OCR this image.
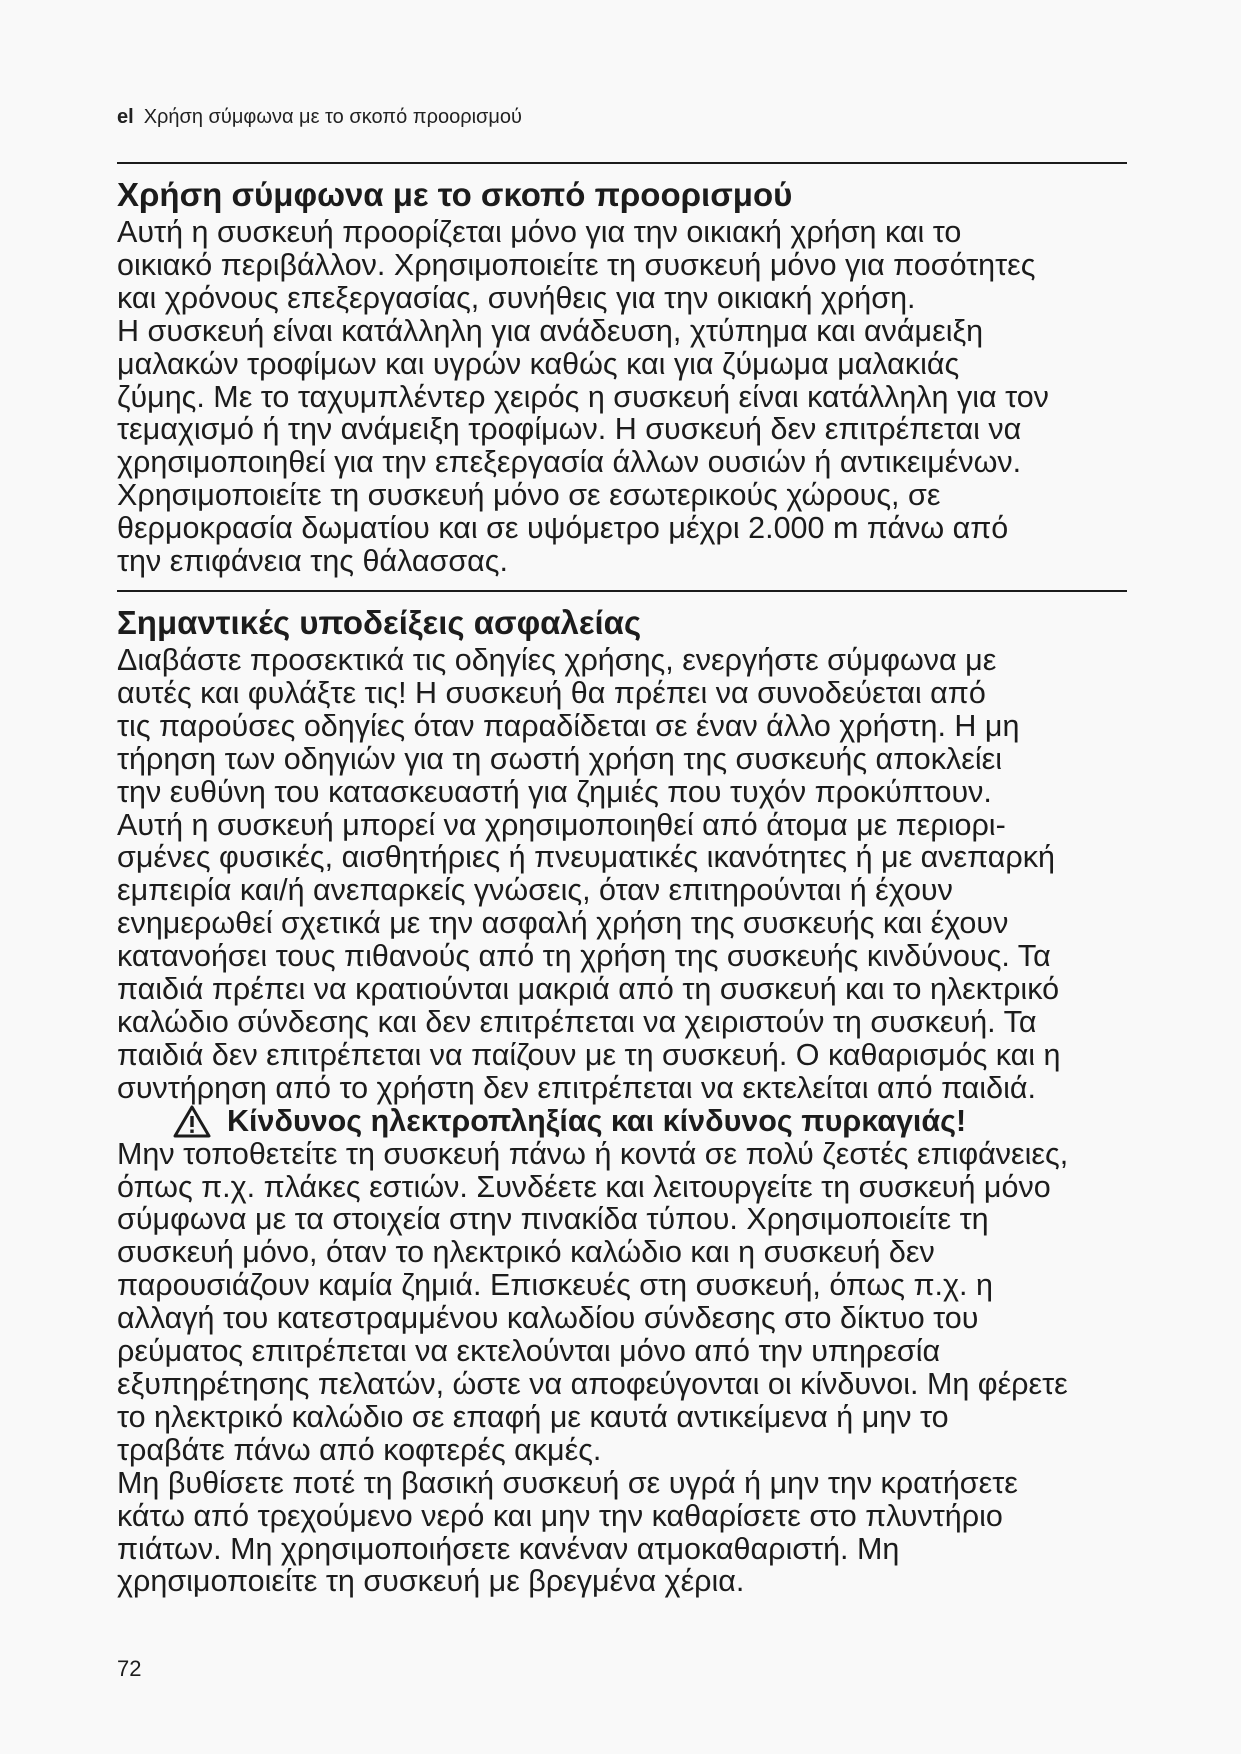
el Χρήση σύμφωνα με το σκοπό προορισμού
Χρήση σύμφωνα με το σκοπό προορισμού

Αυτή η συσκευή προορίζεται μόνο για την οικιακή χρήση και το

οικιακό περιβάλλον. Χρησιμοποιείτε τη συσκευή μόνο για ποσότητες

και χρόνους επεξεργασίας, συνήθεις για την οικιακή χρήση.

Η συσκευή είναι κατάλληλη για ανάδευση, χτύπημα και ανάμειξη

μαλακών τροφίμων και υγρών καθώς και για ζύμωμα μαλακιάς

ζύμης. Με το ταχυμπλέντερ χειρός η συσκευή είναι κατάλληλη για τον

τεμαχισμό ή την ανάμειξη τροφίμων. Η συσκευή δεν επιτρέπεται να

χρησιμοποιηθεί για την επεξεργασία άλλων ουσιών ή αντικειμένων.

Χρησιμοποιείτε τη συσκευή μόνο σε εσωτερικούς χώρους, σε

θερμοκρασία δωματίου και σε υψόμετρο μέχρι 2.000 m πάνω από

την επιφάνεια της θάλασσας.

Σημαντικές υποδείξεις ασφαλείας

Διαβάστε προσεκτικά τις οδηγίες χρήσης, ενεργήστε σύμφωνα με

αυτές και φυλάξτε τις! Η συσκευή θα πρέπει να συνοδεύεται από

τις παρούσες οδηγίες όταν παραδίδεται σε έναν άλλο χρήστη. Η μη

τήρηση των οδηγιών για τη σωστή χρήση της συσκευής αποκλείει

την ευθύνη του κατασκευαστή για ζημιές που τυχόν προκύπτουν.

Αυτή η συσκευή μπορεί να χρησιμοποιηθεί από άτομα με περιορι-

σμένες φυσικές, αισθητήριες ή πνευματικές ικανότητες ή με ανεπαρκή

εμπειρία και/ή ανεπαρκείς γνώσεις, όταν επιτηρούνται ή έχουν

ενημερωθεί σχετικά με την ασφαλή χρήση της συσκευής και έχουν

κατανοήσει τους πιθανούς από τη χρήση της συσκευής κινδύνους. Τα

παιδιά πρέπει να κρατιούνται μακριά από τη συσκευή και το ηλεκτρικό

καλώδιο σύνδεσης και δεν επιτρέπεται να χειριστούν τη συσκευή. Τα

παιδιά δεν επιτρέπεται να παίζουν με τη συσκευή. Ο καθαρισμός και η

συντήρηση από το χρήστη δεν επιτρέπεται να εκτελείται από παιδιά.

Κίνδυνος ηλεκτροπληξίας και κίνδυνος πυρκαγιάς!

Μην τοποθετείτε τη συσκευή πάνω ή κοντά σε πολύ ζεστές επιφάνειες,

όπως π.χ. πλάκες εστιών. Συνδέετε και λειτουργείτε τη συσκευή μόνο

σύμφωνα με τα στοιχεία στην πινακίδα τύπου. Χρησιμοποιείτε τη

συσκευή μόνο, όταν το ηλεκτρικό καλώδιο και η συσκευή δεν

παρουσιάζουν καμία ζημιά. Επισκευές στη συσκευή, όπως π.χ. η

αλλαγή του κατεστραμμένου καλωδίου σύνδεσης στο δίκτυο του

ρεύματος επιτρέπεται να εκτελούνται μόνο από την υπηρεσία

εξυπηρέτησης πελατών, ώστε να αποφεύγονται οι κίνδυνοι. Μη φέρετε

το ηλεκτρικό καλώδιο σε επαφή με καυτά αντικείμενα ή μην το

τραβάτε πάνω από κοφτερές ακμές.

Μη βυθίσετε ποτέ τη βασική συσκευή σε υγρά ή μην την κρατήσετε

κάτω από τρεχούμενο νερό και μην την καθαρίσετε στο πλυντήριο

πιάτων. Μη χρησιμοποιήσετε κανέναν ατμοκαθαριστή. Μη

χρησιμοποιείτε τη συσκευή με βρεγμένα χέρια.

72
